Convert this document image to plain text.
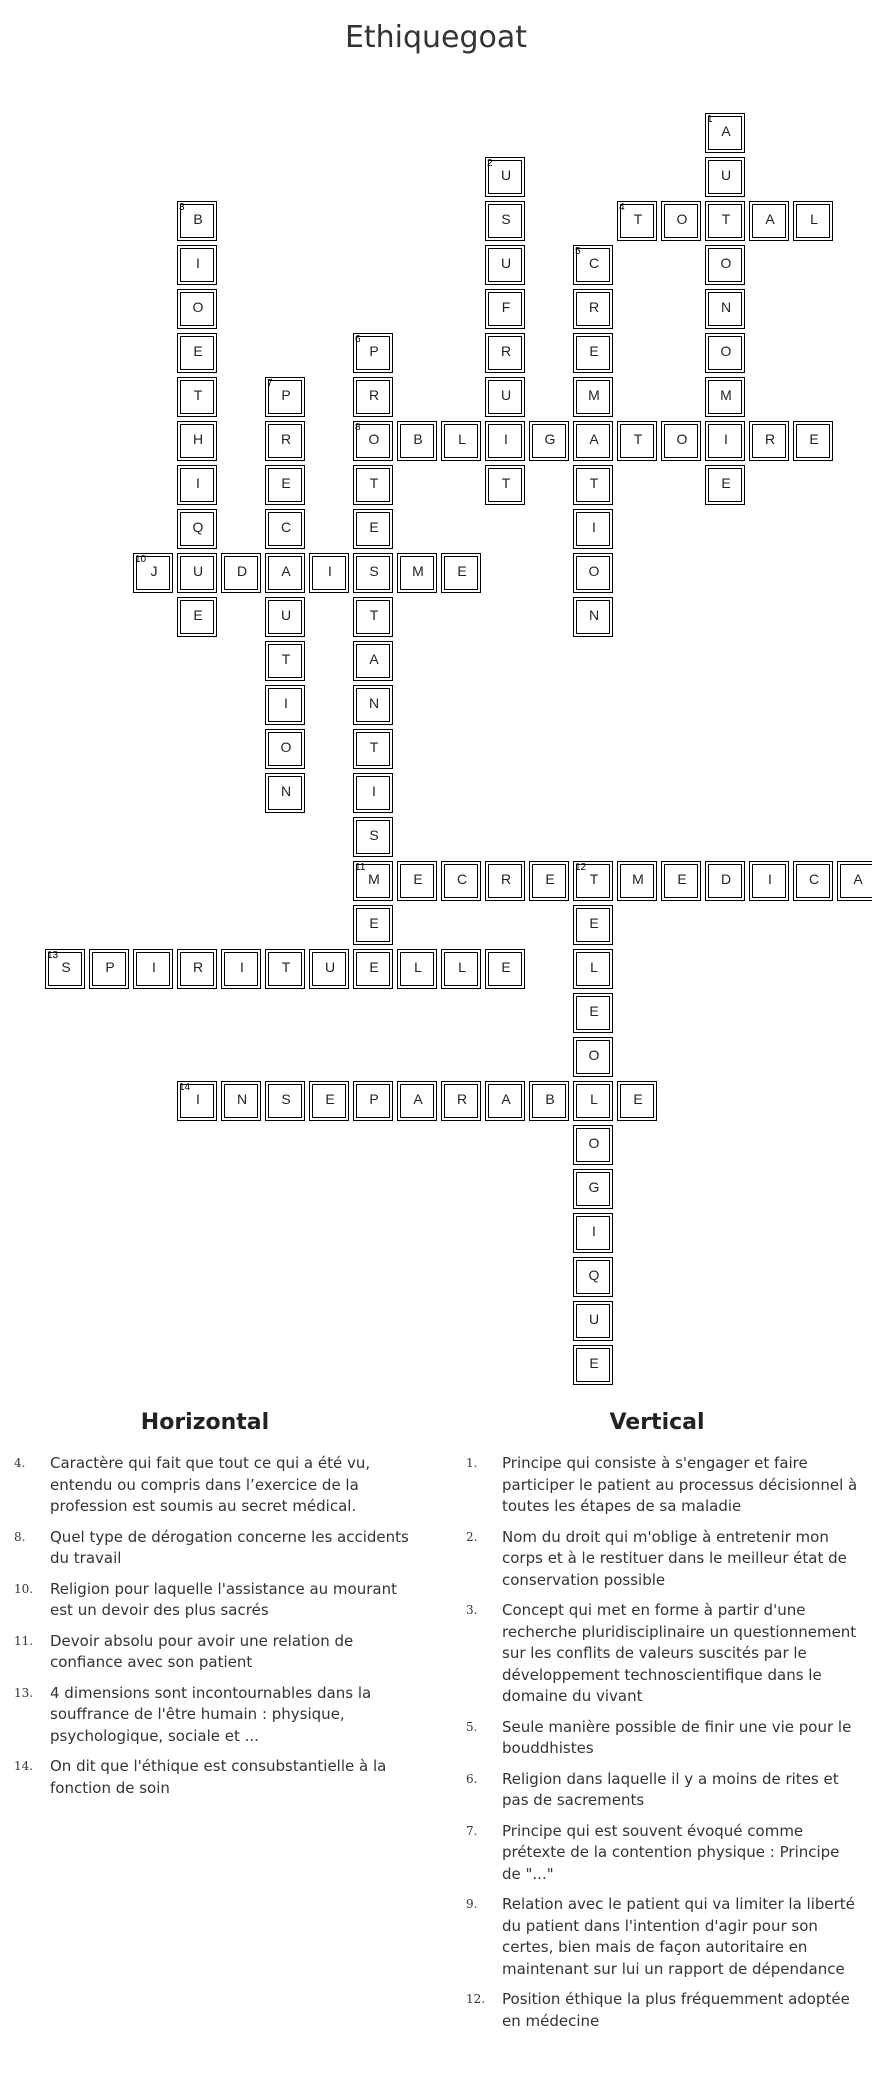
Ethiquegoat
A
1
U
T
O
N
O
M
I
E
U
2
S
U
F
R
U
I
T
B
3
I
O
E
T
H
I
Q
U
E
T
4
O	A	L
C
5
R
E
M
A
T
I
O
N
P
6
R
O
8
T
E
S
T
A
N
T
I
S
M
11
E
P
7
R
E
C
A
U
T
I
O
N
B	L	G	T	O	R	E
J
10
D	I	M	E
E	C	R	E	T
12
M	E	D	I	C	A
E
L
E
O
L
O
G
I
Q
U
E
S
13
P	I	R	I	T	U	E	L	L	E
I
14
N	S	E	P	A	R	A	B	E
Horizontal
4.	Caractère qui fait que tout ce qui a été vu, entendu ou compris dans l’exercice de la profession est soumis au secret médical.
8.	Quel type de dérogation concerne les accidents du travail
10.	Religion pour laquelle l'assistance au mourant est un devoir des plus sacrés
11.	Devoir absolu pour avoir une relation de confiance avec son patient
13.	4 dimensions sont incontournables dans la souffrance de l'être humain : physique, psychologique, sociale et ...
14.	On dit que l'éthique est consubstantielle à la fonction de soin
Vertical
1.	Principe qui consiste à s'engager et faire participer le patient au processus décisionnel à toutes les étapes de sa maladie
2.	Nom du droit qui m'oblige à entretenir mon corps et à le restituer dans le meilleur état de conservation possible
3.	Concept qui met en forme à partir d'une recherche pluridisciplinaire un questionnement sur les conflits de valeurs suscités par le développement technoscientifique dans le domaine du vivant
5.	Seule manière possible de finir une vie pour le bouddhistes
6.	Religion dans laquelle il y a moins de rites et pas de sacrements
7.	Principe qui est souvent évoqué comme prétexte de la contention physique : Principe de "..."
9.	Relation avec le patient qui va limiter la liberté du patient dans l'intention d'agir pour son certes, bien mais de façon autoritaire en maintenant sur lui un rapport de dépendance
12.	Position éthique la plus fréquemment adoptée en médecine
